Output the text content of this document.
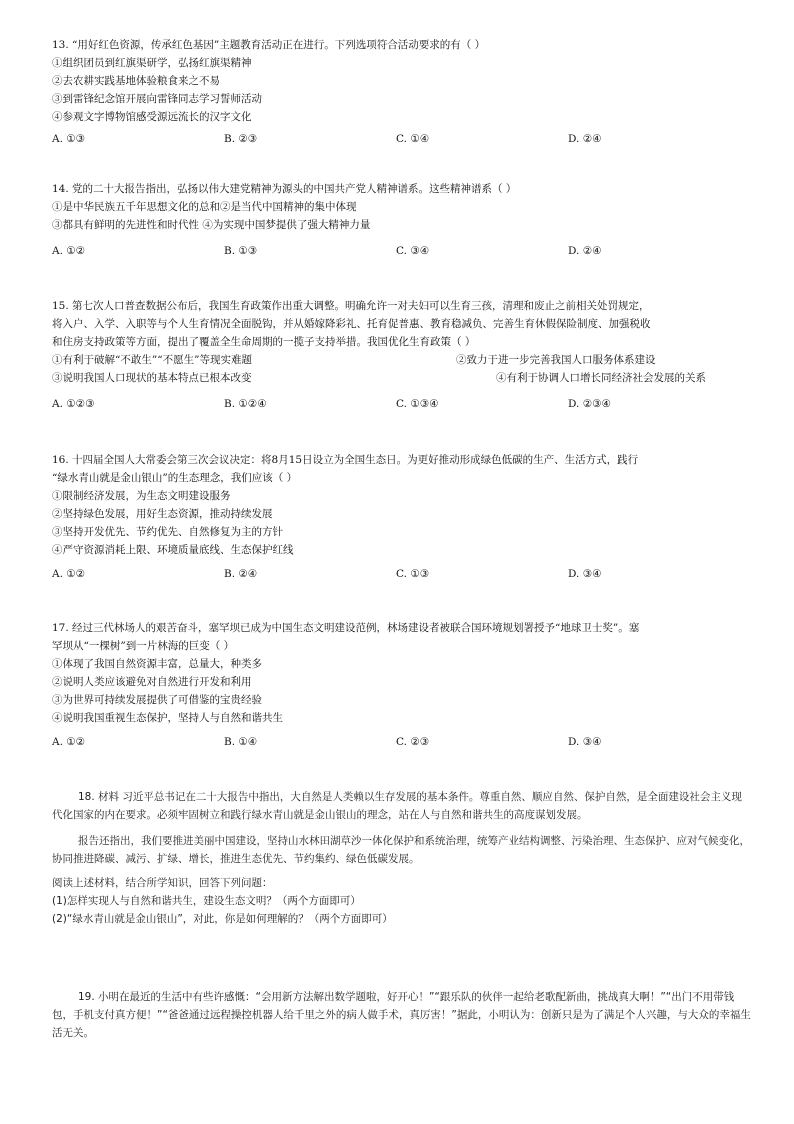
13. “用好红色资源，传承红色基因”主题教育活动正在进行。下列选项符合活动要求的有（ ）
①组织团员到红旗渠研学，弘扬红旗渠精神
②去农耕实践基地体验粮食来之不易
③到雷锋纪念馆开展向雷锋同志学习誓师活动
④参观文字博物馆感受源远流长的汉字文化
A. ①③	B. ②③	C. ①④	D. ②④
14. 党的二十大报告指出，弘扬以伟大建党精神为源头的中国共产党人精神谱系。这些精神谱系（ ）
①是中华民族五千年思想文化的总和②是当代中国精神的集中体现
③都具有鲜明的先进性和时代性 ④为实现中国梦提供了强大精神力量
A. ①②	B. ①③	C. ③④	D. ②④
15. 第七次人口普查数据公布后，我国生育政策作出重大调整。明确允许一对夫妇可以生育三孩，清理和废止之前相关处罚规定，
将入户、入学、入职等与个人生育情况全面脱钩，并从婚嫁降彩礼、托育促普惠、教育稳减负、完善生育休假保险制度、加强税收
和住房支持政策等方面，提出了覆盖全生命周期的一揽子支持举措。我国优化生育政策（ ）
①有利于破解“不敢生”“不愿生”等现实难题	②致力于进一步完善我国人口服务体系建设
③说明我国人口现状的基本特点已根本改变	④有利于协调人口增长同经济社会发展的关系
A. ①②③	B. ①②④	C. ①③④	D. ②③④
16. 十四届全国人大常委会第三次会议决定：将8月15日设立为全国生态日。为更好推动形成绿色低碳的生产、生活方式，践行
“绿水青山就是金山银山”的生态理念，我们应该（ ）
①限制经济发展，为生态文明建设服务
②坚持绿色发展，用好生态资源，推动持续发展
③坚持开发优先、节约优先、自然修复为主的方针
④严守资源消耗上限、环境质量底线、生态保护红线
A. ①②	B. ②④	C. ①③	D. ③④
17. 经过三代林场人的艰苦奋斗，塞罕坝已成为中国生态文明建设范例，林场建设者被联合国环境规划署授予“地球卫士奖”。塞
罕坝从“一棵树”到一片林海的巨变（ ）
①体现了我国自然资源丰富，总量大，种类多
②说明人类应该避免对自然进行开发和利用
③为世界可持续发展提供了可借鉴的宝贵经验
④说明我国重视生态保护，坚持人与自然和谐共生
A. ①②	B. ①④	C. ②③	D. ③④

18. 材料 习近平总书记在二十大报告中指出，大自然是人类赖以生存发展的基本条件。尊重自然、顺应自然、保护自然，是全面建设社会主义现代化国家的内在要求。必须牢固树立和践行绿水青山就是金山银山的理念，站在人与自然和谐共生的高度谋划发展。

报告还指出，我们要推进美丽中国建设，坚持山水林田湖草沙一体化保护和系统治理，统筹产业结构调整、污染治理、生态保护、应对气候变化，协同推进降碳、减污、扩绿、增长，推进生态优先、节约集约、绿色低碳发展。

阅读上述材料，结合所学知识，回答下列问题：

(1)怎样实现人与自然和谐共生，建设生态文明？（两个方面即可）

(2)“绿水青山就是金山银山”，对此，你是如何理解的？（两个方面即可）

19. 小明在最近的生活中有些许感慨：“会用新方法解出数学题啦，好开心！”“跟乐队的伙伴一起给老歌配新曲，挑战真大啊！”“出门不用带钱包，手机支付真方便！”“爸爸通过远程操控机器人给千里之外的病人做手术，真厉害！”据此，小明认为：创新只是为了满足个人兴趣，与大众的幸福生活无关。
